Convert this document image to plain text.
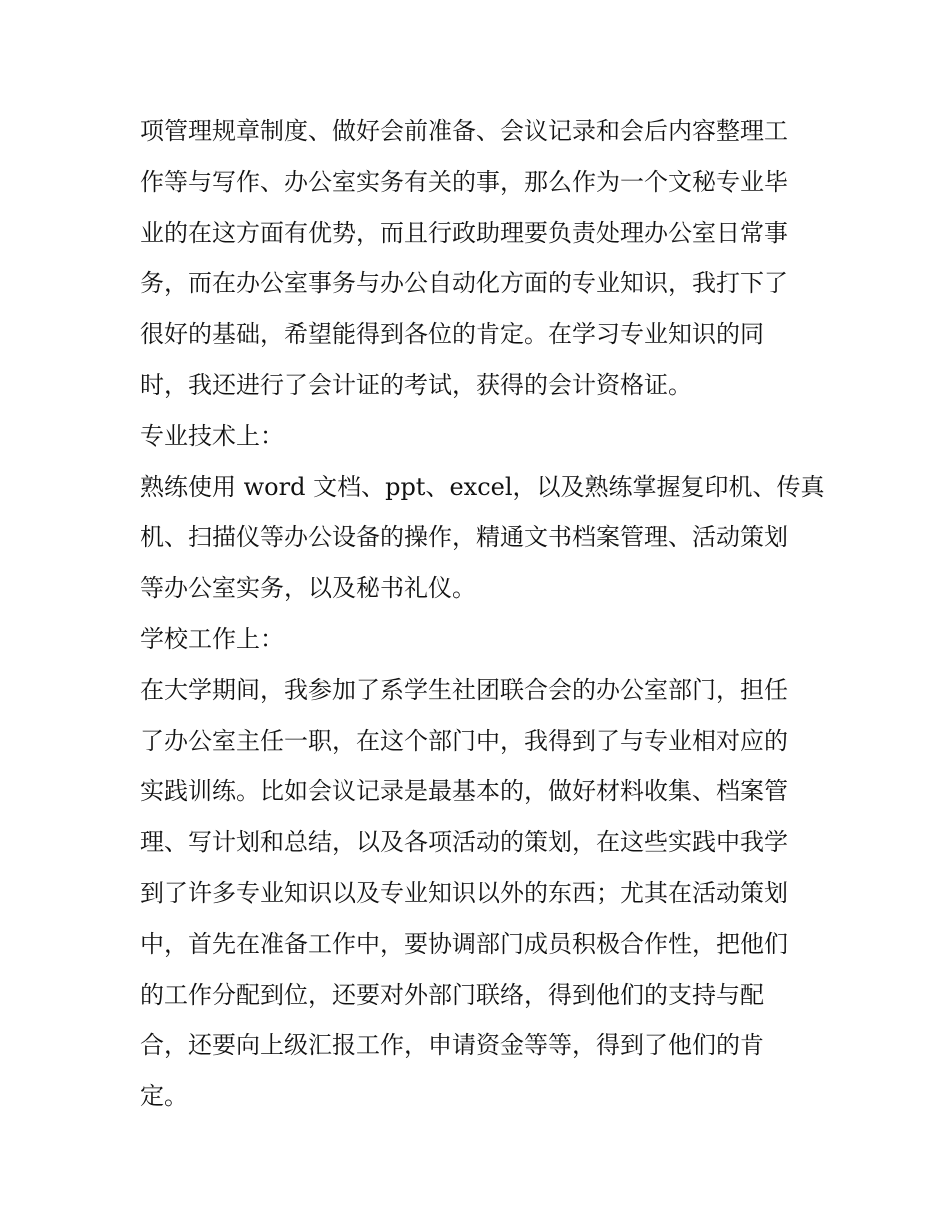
项管理规章制度、做好会前准备、会议记录和会后内容整理工
作等与写作、办公室实务有关的事，那么作为一个文秘专业毕
业的在这方面有优势，而且行政助理要负责处理办公室日常事
务，而在办公室事务与办公自动化方面的专业知识，我打下了
很好的基础，希望能得到各位的肯定。在学习专业知识的同
时，我还进行了会计证的考试，获得的会计资格证。
专业技术上：
熟练使用 word 文档、ppt、excel，以及熟练掌握复印机、传真
机、扫描仪等办公设备的操作，精通文书档案管理、活动策划
等办公室实务，以及秘书礼仪。
学校工作上：
在大学期间，我参加了系学生社团联合会的办公室部门，担任
了办公室主任一职，在这个部门中，我得到了与专业相对应的
实践训练。比如会议记录是最基本的，做好材料收集、档案管
理、写计划和总结，以及各项活动的策划，在这些实践中我学
到了许多专业知识以及专业知识以外的东西；尤其在活动策划
中，首先在准备工作中，要协调部门成员积极合作性，把他们
的工作分配到位，还要对外部门联络，得到他们的支持与配
合，还要向上级汇报工作，申请资金等等，得到了他们的肯
定。
